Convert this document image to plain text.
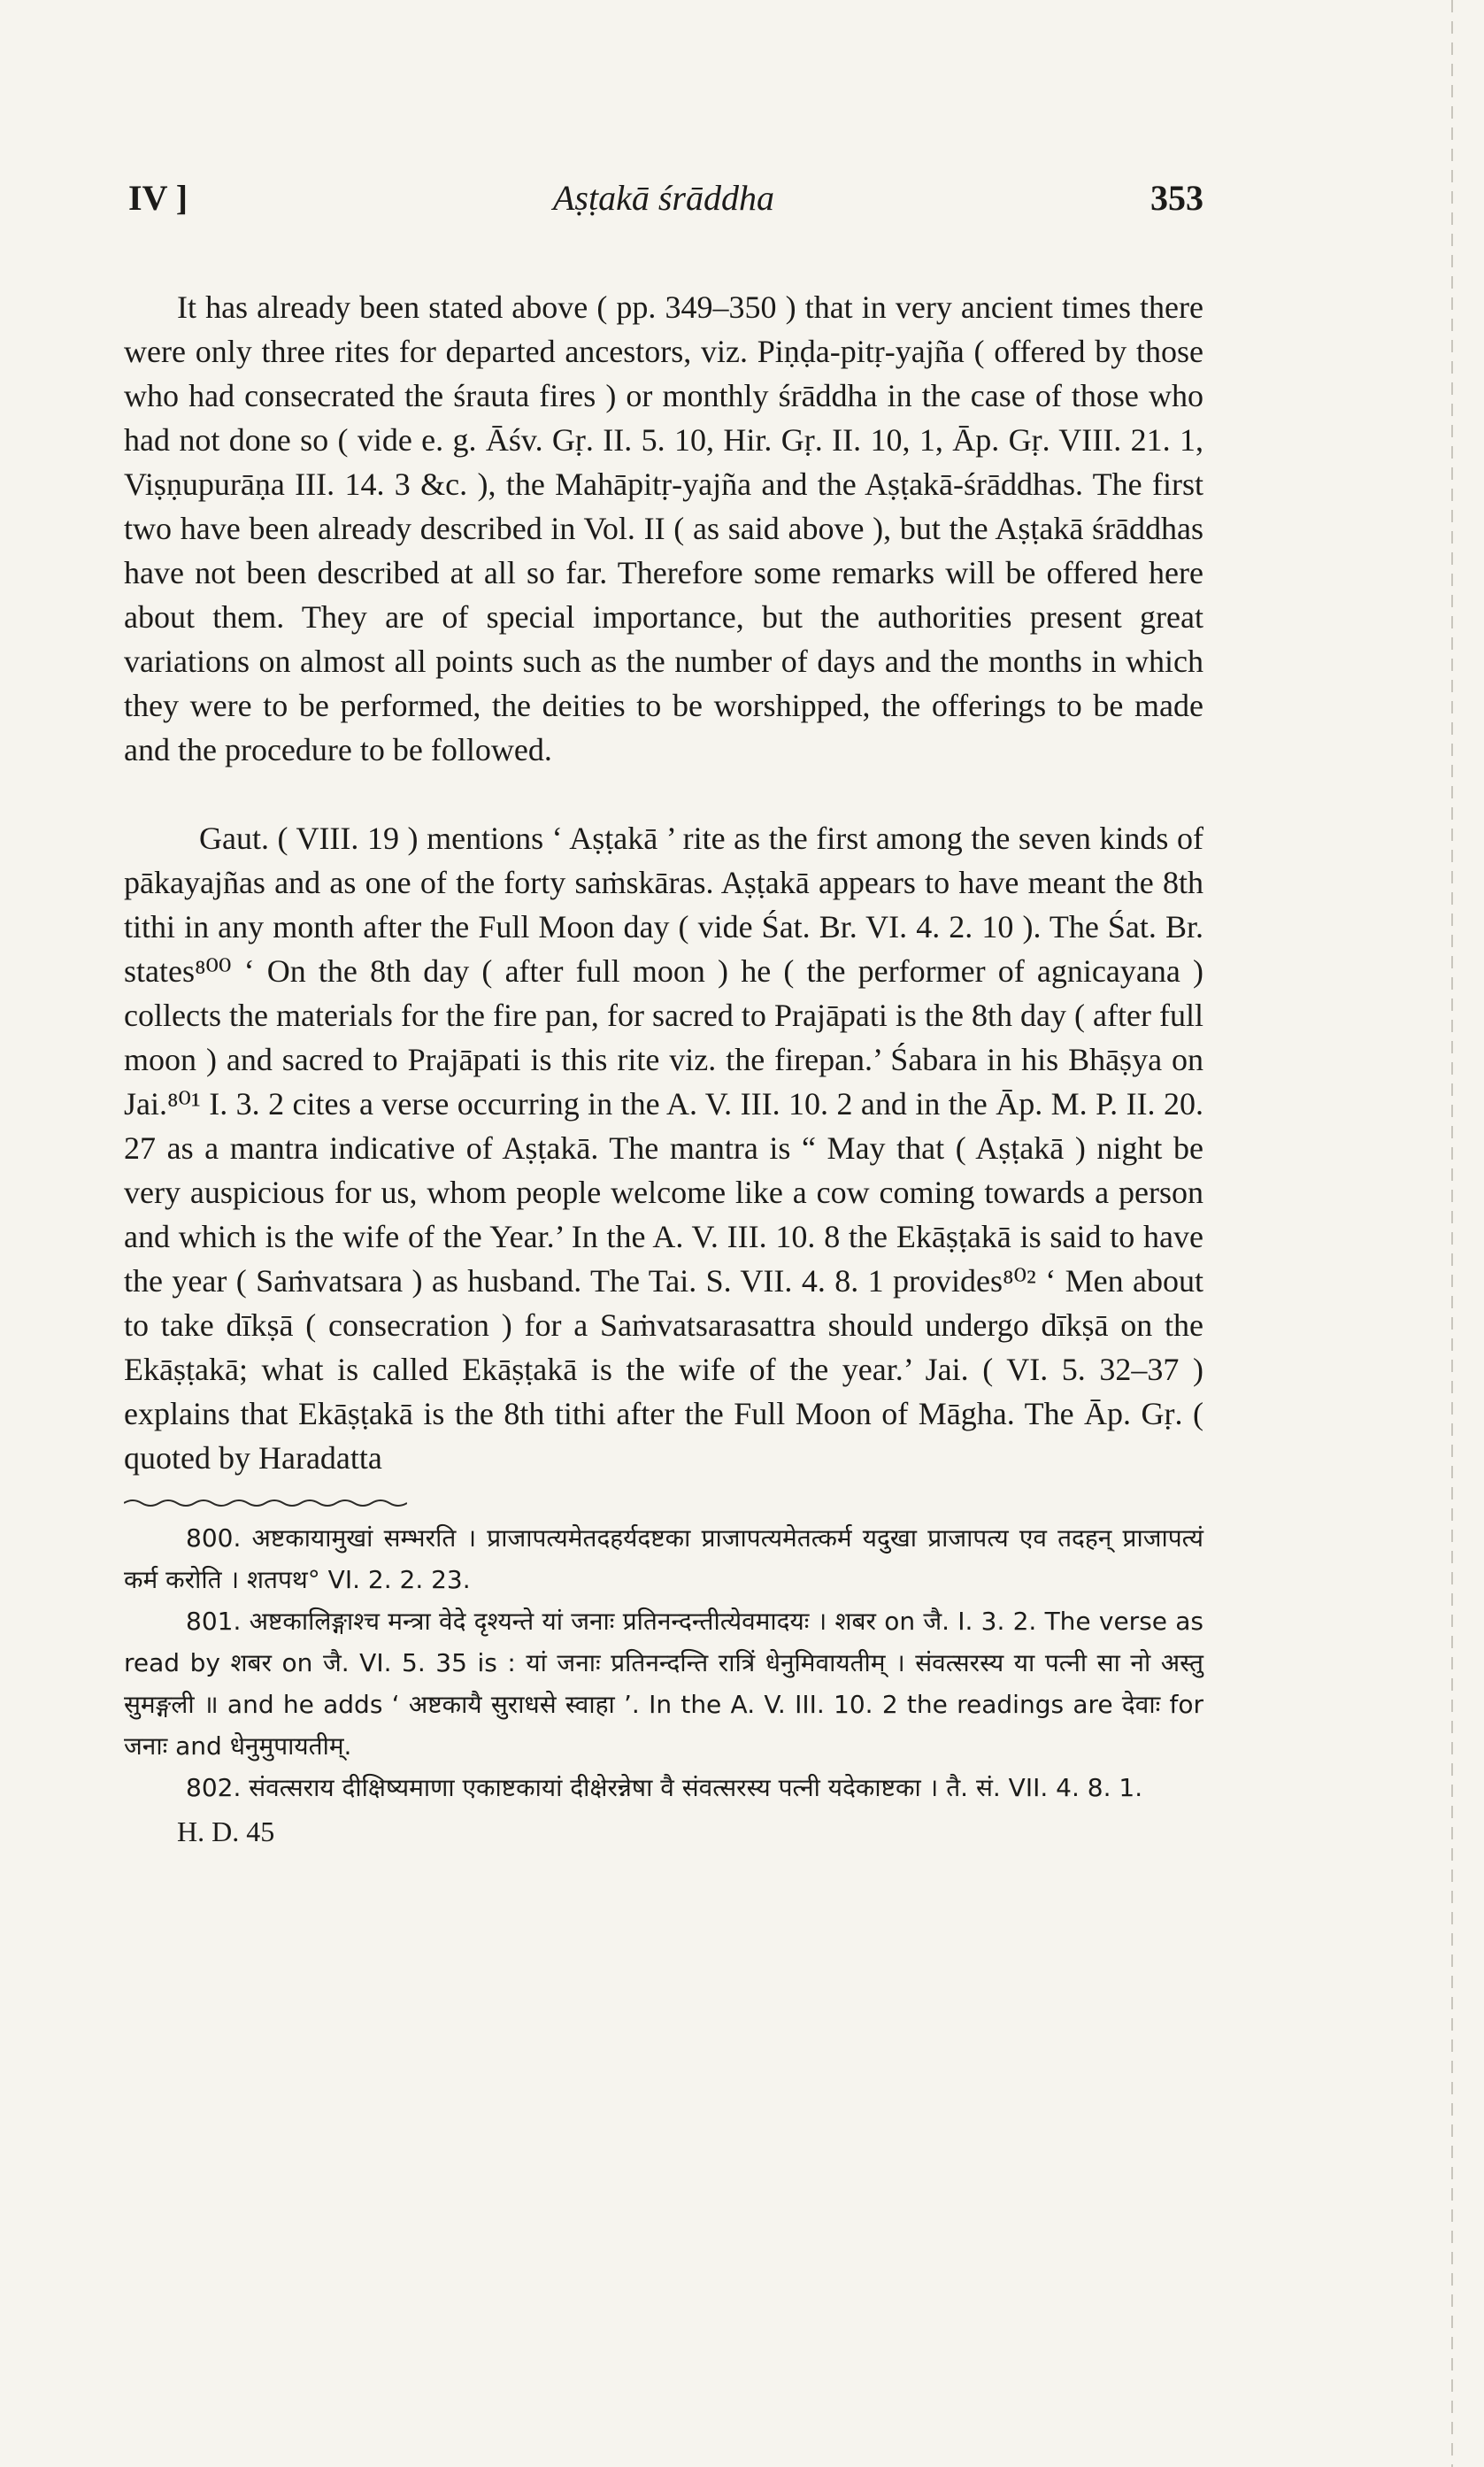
IV ]	Aṣṭakā śrāddha	353

It has already been stated above ( pp. 349–350 ) that in very ancient times there were only three rites for departed ancestors, viz. Piṇḍa-pitṛ-yajña ( offered by those who had consecrated the śrauta fires ) or monthly śrāddha in the case of those who had not done so ( vide e. g. Āśv. Gṛ. II. 5. 10, Hir. Gṛ. II. 10, 1, Āp. Gṛ. VIII. 21. 1, Viṣṇupurāṇa III. 14. 3 &c. ), the Mahāpitṛ-yajña and the Aṣṭakā-śrāddhas. The first two have been already described in Vol. II ( as said above ), but the Aṣṭakā śrāddhas have not been described at all so far. Therefore some remarks will be offered here about them. They are of special importance, but the authorities present great variations on almost all points such as the number of days and the months in which they were to be performed, the deities to be worshipped, the offerings to be made and the procedure to be followed.

Gaut. ( VIII. 19 ) mentions ‘ Aṣṭakā ’ rite as the first among the seven kinds of pākayajñas and as one of the forty saṁskāras. Aṣṭakā appears to have meant the 8th tithi in any month after the Full Moon day ( vide Śat. Br. VI. 4. 2. 10 ). The Śat. Br. states⁸⁰⁰ ‘ On the 8th day ( after full moon ) he ( the performer of agnicayana ) collects the materials for the fire pan, for sacred to Prajāpati is the 8th day ( after full moon ) and sacred to Prajāpati is this rite viz. the firepan.’ Śabara in his Bhāṣya on Jai.⁸⁰¹ I. 3. 2 cites a verse occurring in the A. V. III. 10. 2 and in the Āp. M. P. II. 20. 27 as a mantra indicative of Aṣṭakā. The mantra is “ May that ( Aṣṭakā ) night be very auspicious for us, whom people welcome like a cow coming towards a person and which is the wife of the Year.’ In the A. V. III. 10. 8 the Ekāṣṭakā is said to have the year ( Saṁvatsara ) as husband. The Tai. S. VII. 4. 8. 1 provides⁸⁰² ‘ Men about to take dīkṣā ( consecration ) for a Saṁvatsarasattra should undergo dīkṣā on the Ekāṣṭakā; what is called Ekāṣṭakā is the wife of the year.’ Jai. ( VI. 5. 32–37 ) explains that Ekāṣṭakā is the 8th tithi after the Full Moon of Māgha. The Āp. Gṛ. ( quoted by Haradatta

800. अष्टकायामुखां सम्भरति । प्राजापत्यमेतदहर्यदष्टका प्राजापत्यमेतत्कर्म यदुखा प्राजापत्य एव तदहन् प्राजापत्यं कर्म करोति । शतपथ° VI. 2. 2. 23.

801. अष्टकालिङ्गाश्च मन्त्रा वेदे दृश्यन्ते यां जनाः प्रतिनन्दन्तीत्येवमादयः । शबर on जै. I. 3. 2. The verse as read by शबर on जै. VI. 5. 35 is : यां जनाः प्रतिनन्दन्ति रात्रिं धेनुमिवायतीम् । संवत्सरस्य या पत्नी सा नो अस्तु सुमङ्गली ॥ and he adds ‘ अष्टकायै सुराधसे स्वाहा ’. In the A. V. III. 10. 2 the readings are देवाः for जनाः and धेनुमुपायतीम्.

802. संवत्सराय दीक्षिष्यमाणा एकाष्टकायां दीक्षेरन्नेषा वै संवत्सरस्य पत्नी यदेकाष्टका । तै. सं. VII. 4. 8. 1.

H. D. 45
